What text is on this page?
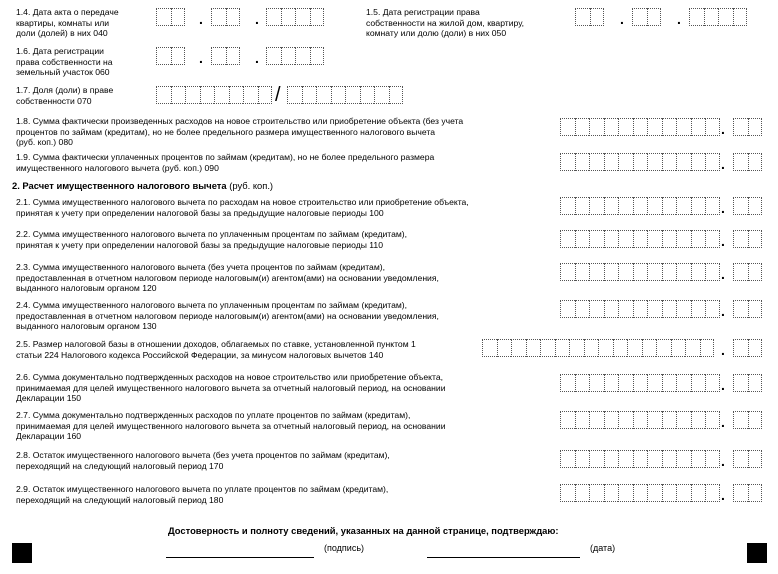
1.4. Дата акта о передаче
квартиры, комнаты или
доли (долей) в них 040
.	.	1.5. Дата регистрации права
собственности на жилой дом, квартиру,
комнату или долю (доли) в них 050
.	.
1.6. Дата регистрации
права собственности на
земельный участок 060
.	.
1.7. Доля (доли) в праве
собственности 070	/
1.8. Сумма фактически произведенных расходов на новое строительство или приобретение объекта (без учета
процентов по займам (кредитам), но не более предельного размера имущественного налогового вычета
(руб. коп.) 080
.
1.9. Сумма фактически уплаченных процентов по займам (кредитам), но не более предельного размера
имущественного налогового вычета (руб. коп.) 090	.
2. Расчет имущественного налогового вычета (руб. коп.)
2.1. Сумма имущественного налогового вычета по расходам на новое строительство или приобретение объекта,
принятая к учету при определении налоговой базы за предыдущие налоговые периоды 100	.
2.2. Сумма имущественного налогового вычета по уплаченным процентам по займам (кредитам),
принятая к учету при определении налоговой базы за предыдущие налоговые периоды 110	.
2.3. Сумма имущественного налогового вычета (без учета процентов по займам (кредитам),
предоставленная в отчетном налоговом периоде налоговым(и) агентом(ами) на основании уведомления,
выданного налоговым органом 120
.
2.4. Сумма имущественного налогового вычета по уплаченным процентам по займам (кредитам),
предоставленная в отчетном налоговом периоде налоговым(и) агентом(ами) на основании уведомления,
выданного налоговым органом 130
.
2.5. Размер налоговой базы в отношении доходов, облагаемых по ставке, установленной пунктом 1
статьи 224 Налогового кодекса Российской Федерации, за минусом налоговых вычетов 140	.
2.6. Сумма документально подтвержденных расходов на новое строительство или приобретение объекта,
принимаемая для целей имущественного налогового вычета за отчетный налоговый период, на основании
Декларации 150
.
2.7. Сумма документально подтвержденных расходов по уплате процентов по займам (кредитам),
принимаемая для целей имущественного налогового вычета за отчетный налоговый период, на основании
Декларации 160
.
2.8. Остаток имущественного налогового вычета (без учета процентов по займам (кредитам),
переходящий на следующий налоговый период 170	.
2.9. Остаток имущественного налогового вычета по уплате процентов по займам (кредитам),
переходящий на следующий налоговый период 180	.
Достоверность и полноту сведений, указанных на данной странице, подтверждаю:
(подпись)	(дата)
